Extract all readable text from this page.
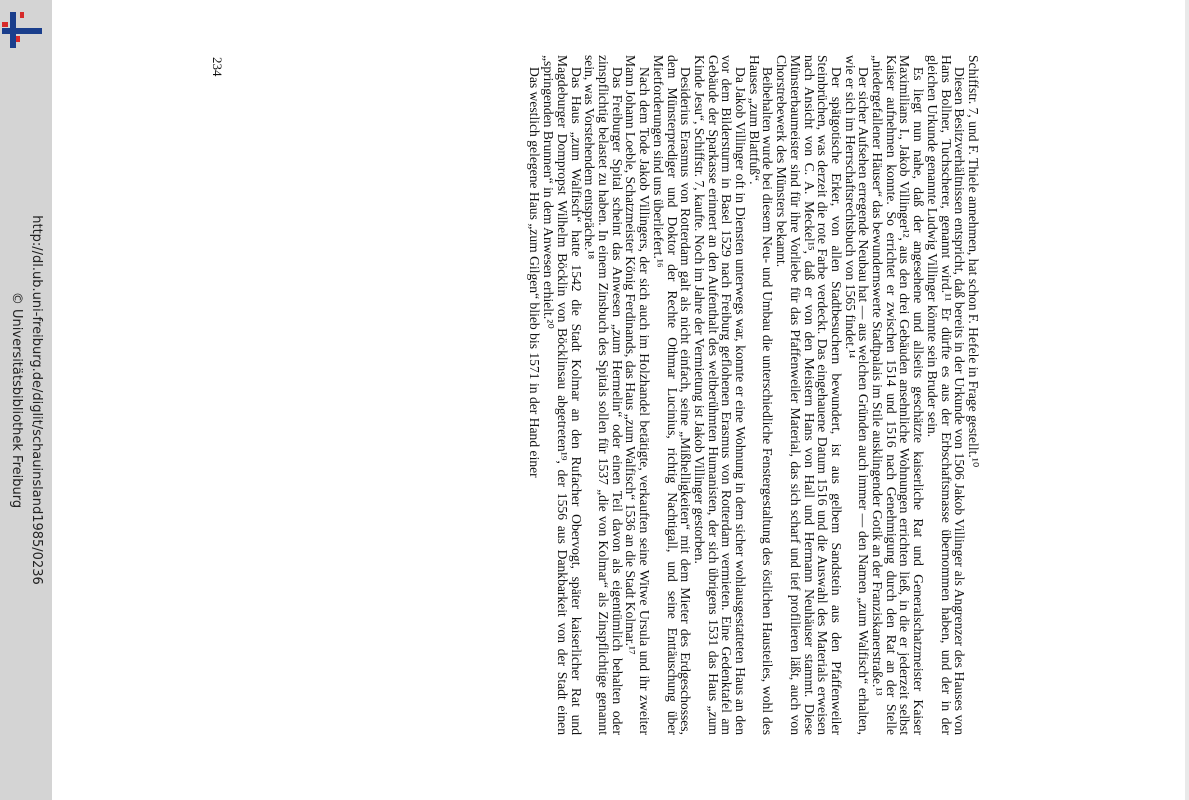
http://dl.ub.uni-freiburg.de/diglit/schauinsland1985/0236
© Universitätsbibliothek Freiburg	Schiffstr. 7, und F. Thiele annehmen, hat schon F. Hefele in Frage gestellt.¹⁰

Diesen Besitzverhältnissen entspricht, daß bereits in der Urkunde von 1506 Jakob Villinger als Angrenzer des Hauses von Hans Bollner, Tuchscherer, genannt wird.¹¹ Er dürfte es aus der Erbschaftsmasse übernommen haben, und der in der gleichen Urkunde genannte Ludwig Villinger könnte sein Bruder sein.

Es liegt nun nahe, daß der angesehene und allseits geschätzte kaiserliche Rat und Generalschatzmeister Kaiser Maximilians I., Jakob Villinger¹², aus den drei Gebäuden ansehnliche Wohnungen errichten ließ, in die er jederzeit selbst Kaiser aufnehmen konnte. So errichtet er zwischen 1514 und 1516 nach Genehmigung durch den Rat an der Stelle „niedergefallener Häuser“ das bewundernswerte Stadtpalais im Stile ausklingender Gotik an der Franziskanerstraße.¹³

Der sicher Aufsehen erregende Neubau hat — aus welchen Gründen auch immer — den Namen „zum Walfisch“ erhalten, wie er sich im Herrschaftsrechtsbuch von 1565 findet.¹⁴

Der spätgotische Erker, von allen Stadtbesuchern bewundert, ist aus gelbem Sandstein aus den Pfaffenweiler Steinbrüchen, was derzeit die rote Farbe verdeckt. Das eingehauene Datum 1516 und die Auswahl des Materials erweisen nach Ansicht von C. A. Meckel¹⁵, daß er von den Meistern Hans von Hall und Hermann Neuhäuser stammt. Diese Münsterbaumeister sind für ihre Vorliebe für das Pfaffenweiler Material, das sich scharf und tief profilieren läßt, auch von Chorstrebewerk des Münsters bekannt.

Beibehalten wurde bei diesem Neu- und Umbau die unterschiedliche Fenstergestaltung des östlichen Hausteiles, wohl des Hauses „zum Blattfuß“.

Da Jakob Villinger oft in Diensten unterwegs war, konnte er eine Wohnung in dem sicher wohlausgestatteten Haus an den vor dem Bildersturm in Basel 1529 nach Freiburg geflohenen Erasmus von Rotterdam vermieten. Eine Gedenktafel am Gebäude der Sparkasse erinnert an den Aufenthalt des weltberühmten Humanisten, der sich übrigens 1531 das Haus „zum Kinde Jesu“, Schiffstr. 7, kaufte. Noch im Jahre der Vermietung ist Jakob Villinger gestorben.

Desiderius Erasmus von Rotterdam galt als nicht einfach, seine „Mißhelligkeiten“ mit dem Mieter des Erdgeschosses, dem Münsterprediger und Doktor der Rechte Othmar Lucinius, richtig Nachtigall, und seine Enttäuschung über Mietforderungen sind uns überliefert.¹⁶

Nach dem Tode Jakob Villingers, der sich auch im Holzhandel betätigte, verkauften seine Witwe Ursula und ihr zweiter Mann Johann Loeble, Schatzmeister König Ferdinands, das Haus „zum Walfisch“ 1536 an die Stadt Kolmar.¹⁷

Das Freiburger Spital scheint das Anwesen „zum Hermelin“ oder einen Teil davon als eigentümlich behalten oder zinspflichtig belastet zu haben. In einem Zinsbuch des Spitals sollen für 1537 „die von Kolmar“ als Zinspflichtige genannt sein, was Vorstehendem entspräche.¹⁸

Das Haus „zum Walfisch“ hatte 1542 die Stadt Kolmar an den Rufacher Obervogt, später kaiserlicher Rat und Magdeburger Dompropst Wilhelm Böcklin von Böcklinsau abgetreten¹⁹, der 1556 aus Dankbarkeit von der Stadt einen „springenden Brunnen“ in dem Anwesen erhielt.²⁰

Das westlich gelegene Haus „zum Gilgen“ blieb bis 1571 in der Hand einer

234
